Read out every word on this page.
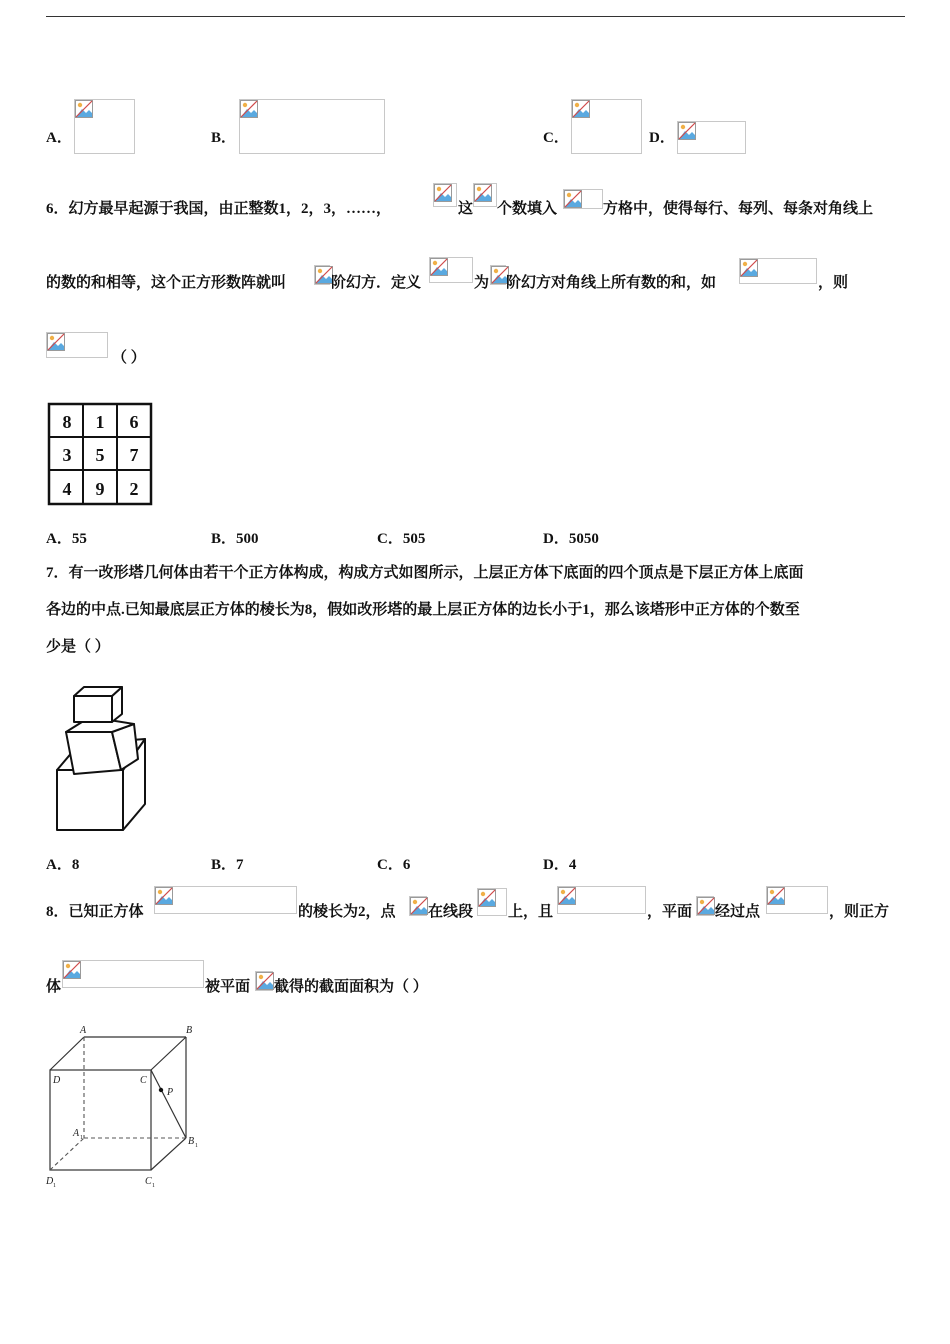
A．	B．	C．	D．
6．幻方最早起源于我国，由正整数1，2，3，……，	这 个数填入	方格中，使得每行、每列、每条对角线上
的数的和相等，这个正方形数阵就叫	阶幻方．定义	为 阶幻方对角线上所有数的和，如	，则
（ ）
8 1 6
3 5 7
4 9 2
A．55	B．500	C．505	D．5050
7．有一改形塔几何体由若干个正方体构成，构成方式如图所示，上层正方体下底面的四个顶点是下层正方体上底面
各边的中点.已知最底层正方体的棱长为8，假如改形塔的最上层正方体的边长小于1，那么该塔形中正方体的个数至
少是（ ）
A．8	B．7	C．6	D．4
8．已知正方体	的棱长为2，点 在线段 上，且	，平面 经过点	，则正方
体	被平面 截得的截面面积为（ ）
A	B
D	C
P
A 1	B 1
D 1	C 1
